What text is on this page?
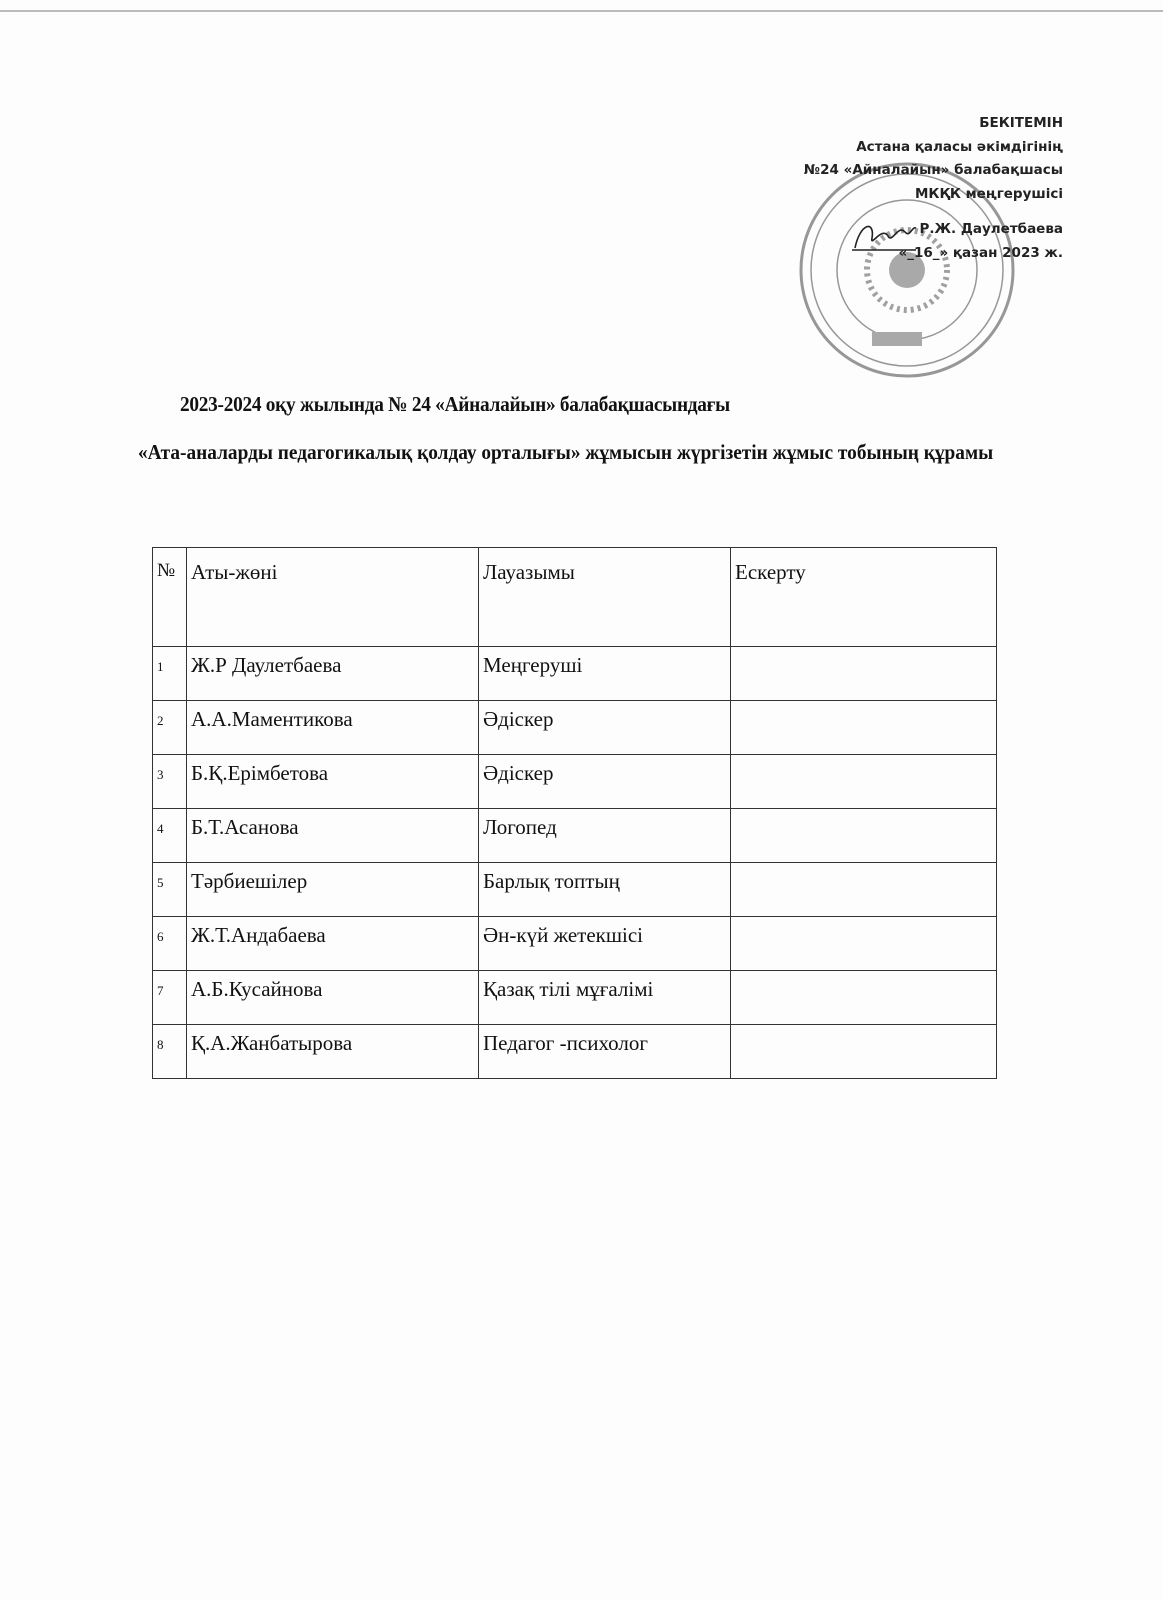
БЕКІТЕМІН
Астана қаласы әкімдігінің
№24 «Айналайын» балабақшасы
МКҚК меңгерушісі
Р.Ж. Даулетбаева
«_16_» қазан 2023 ж.
2023-2024 оқу жылында № 24 «Айналайын» балабақшасындағы
«Ата-аналарды педагогикалық қолдау орталығы» жұмысын жүргізетін жұмыс тобының құрамы
№	Аты-жөні	Лауазымы	Ескерту
1	Ж.Р Даулетбаева	Меңгеруші	
2	А.А.Маментикова	Әдіскер	
3	Б.Қ.Ерімбетова	Әдіскер	
4	Б.Т.Асанова	Логопед	
5	Тәрбиешілер	Барлық топтың	
6	Ж.Т.Андабаева	Ән-күй жетекшісі	
7	А.Б.Кусайнова	Қазақ тілі мұғалімі	
8	Қ.А.Жанбатырова	Педагог -психолог	
